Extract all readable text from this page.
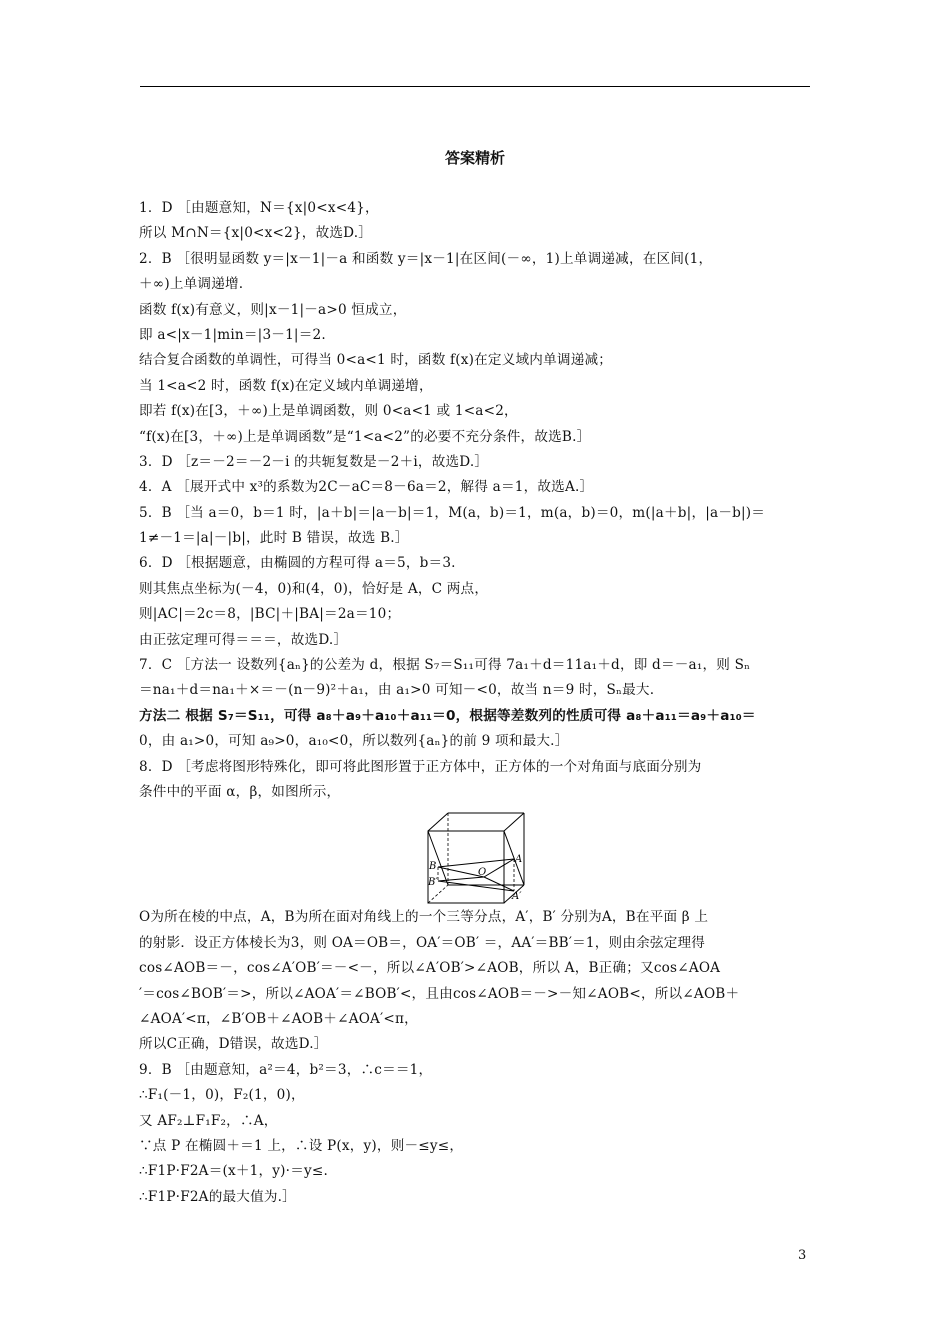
答案精析
1．D ［由题意知，N＝{x|0<x<4}，
所以 M∩N＝{x|0<x<2}，故选D.］
2．B ［很明显函数 y＝|x－1|－a 和函数 y＝|x－1|在区间(－∞，1)上单调递减，在区间(1，
＋∞)上单调递增.
函数 f(x)有意义，则|x－1|－a>0 恒成立，
即 a<|x－1|min＝|3－1|＝2.
结合复合函数的单调性，可得当 0<a<1 时，函数 f(x)在定义域内单调递减；
当 1<a<2 时，函数 f(x)在定义域内单调递增，
即若 f(x)在[3，＋∞)上是单调函数，则 0<a<1 或 1<a<2，
“f(x)在[3，＋∞)上是单调函数”是“1<a<2”的必要不充分条件，故选B.］
3．D ［z＝－2＝－2－i 的共轭复数是－2＋i，故选D.］
4．A ［展开式中 x³的系数为2C－aC＝8－6a＝2，解得 a＝1，故选A.］
5．B ［当 a＝0，b＝1 时，|a＋b|＝|a－b|＝1，M(a，b)＝1，m(a，b)＝0，m(|a＋b|，|a－b|)＝
1≠－1＝|a|－|b|，此时 B 错误，故选 B.］
6．D ［根据题意，由椭圆的方程可得 a＝5，b＝3.
则其焦点坐标为(－4，0)和(4，0)，恰好是 A，C 两点，
则|AC|＝2c＝8，|BC|＋|BA|＝2a＝10；
由正弦定理可得＝＝＝，故选D.］
7．C ［方法一 设数列{aₙ}的公差为 d，根据 S₇＝S₁₁可得 7a₁＋d＝11a₁＋d，即 d＝－a₁，则 Sₙ
＝na₁＋d＝na₁＋×＝－(n－9)²＋a₁，由 a₁>0 可知－<0，故当 n＝9 时，Sₙ最大.
方法二 根据 S₇＝S₁₁，可得 a₈＋a₉＋a₁₀＋a₁₁＝0，根据等差数列的性质可得 a₈＋a₁₁＝a₉＋a₁₀＝
0，由 a₁>0，可知 a₉>0，a₁₀<0，所以数列{aₙ}的前 9 项和最大.］
8．D ［考虑将图形特殊化，即可将此图形置于正方体中，正方体的一个对角面与底面分别为
条件中的平面 α，β，如图所示，
A
B
B′
O
A′
O为所在棱的中点，A，B为所在面对角线上的一个三等分点，A′，B′ 分别为A，B在平面 β 上
的射影．设正方体棱长为3，则 OA＝OB＝，OA′＝OB′ ＝，AA′＝BB′＝1，则由余弦定理得
cos∠AOB＝－，cos∠A′OB′＝－<－，所以∠A′OB′>∠AOB，所以 A，B正确；又cos∠AOA
′＝cos∠BOB′＝>，所以∠AOA′＝∠BOB′<，且由cos∠AOB＝－>－知∠AOB<，所以∠AOB＋
∠AOA′<π，∠B′OB＋∠AOB＋∠AOA′<π，
所以C正确，D错误，故选D.］
9．B ［由题意知，a²＝4，b²＝3，∴c＝＝1，
∴F₁(－1，0)，F₂(1，0)，
又 AF₂⊥F₁F₂，∴A，
∵点 P 在椭圆＋＝1 上，∴设 P(x，y)，则－≤y≤，
∴F1P·F2A＝(x＋1，y)·＝y≤.
∴F1P·F2A的最大值为.］
3
